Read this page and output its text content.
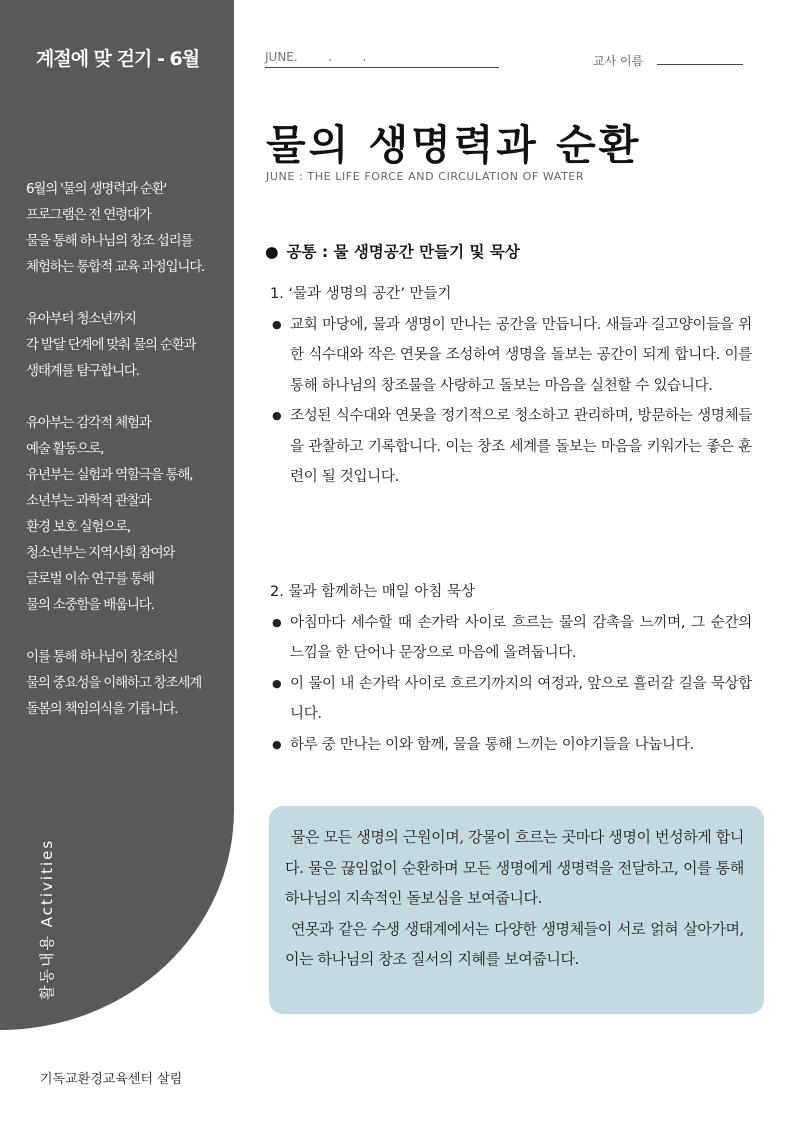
계절에 맞 걷기 - 6월

6월의 '물의 생명력과 순환'
프로그램은 전 연령대가
물을 통해 하나님의 창조 섭리를
체험하는 통합적 교육 과정입니다.

유아부터 청소년까지
각 발달 단계에 맞춰 물의 순환과
생태계를 탐구합니다.

유아부는 감각적 체험과
예술 활동으로,
유년부는 실험과 역할극을 통해,
소년부는 과학적 관찰과
환경 보호 실험으로,
청소년부는 지역사회 참여와
글로벌 이슈 연구를 통해
물의 소중함을 배웁니다.

이를 통해 하나님이 창조하신
물의 중요성을 이해하고 창조세계
돌봄의 책임의식을 기릅니다.

활동내용 Activities
JUNE.        .        .	교사 이름
물의 생명력과 순환
JUNE : THE LIFE FORCE AND CIRCULATION OF WATER
● 공통 : 물 생명공간 만들기 및 묵상

1. ‘물과 생명의 공간’ 만들기

● 교회 마당에, 물과 생명이 만나는 공간을 만듭니다. 새들과 길고양이들을 위한 식수대와 작은 연못을 조성하여 생명을 돌보는 공간이 되게 합니다. 이를 통해 하나님의 창조물을 사랑하고 돌보는 마음을 실천할 수 있습니다.
● 조성된 식수대와 연못을 정기적으로 청소하고 관리하며, 방문하는 생명체들을 관찰하고 기록합니다. 이는 창조 세계를 돌보는 마음을 키워가는 좋은 훈련이 될 것입니다.

2. 물과 함께하는 매일 아침 묵상

● 아침마다 세수할 때 손가락 사이로 흐르는 물의 감촉을 느끼며, 그 순간의 느낌을 한 단어나 문장으로 마음에 올려둡니다.
● 이 물이 내 손가락 사이로 흐르기까지의 여정과, 앞으로 흘러갈 길을 묵상합니다.
● 하루 중 만나는 이와 함께, 물을 통해 느끼는 이야기들을 나눕니다.

물은 모든 생명의 근원이며, 강물이 흐르는 곳마다 생명이 번성하게 합니다. 물은 끊임없이 순환하며 모든 생명에게 생명력을 전달하고, 이를 통해 하나님의 지속적인 돌보심을 보여줍니다.

연못과 같은 수생 생태계에서는 다양한 생명체들이 서로 얽혀 살아가며, 이는 하나님의 창조 질서의 지혜를 보여줍니다.

기독교환경교육센터 살림
